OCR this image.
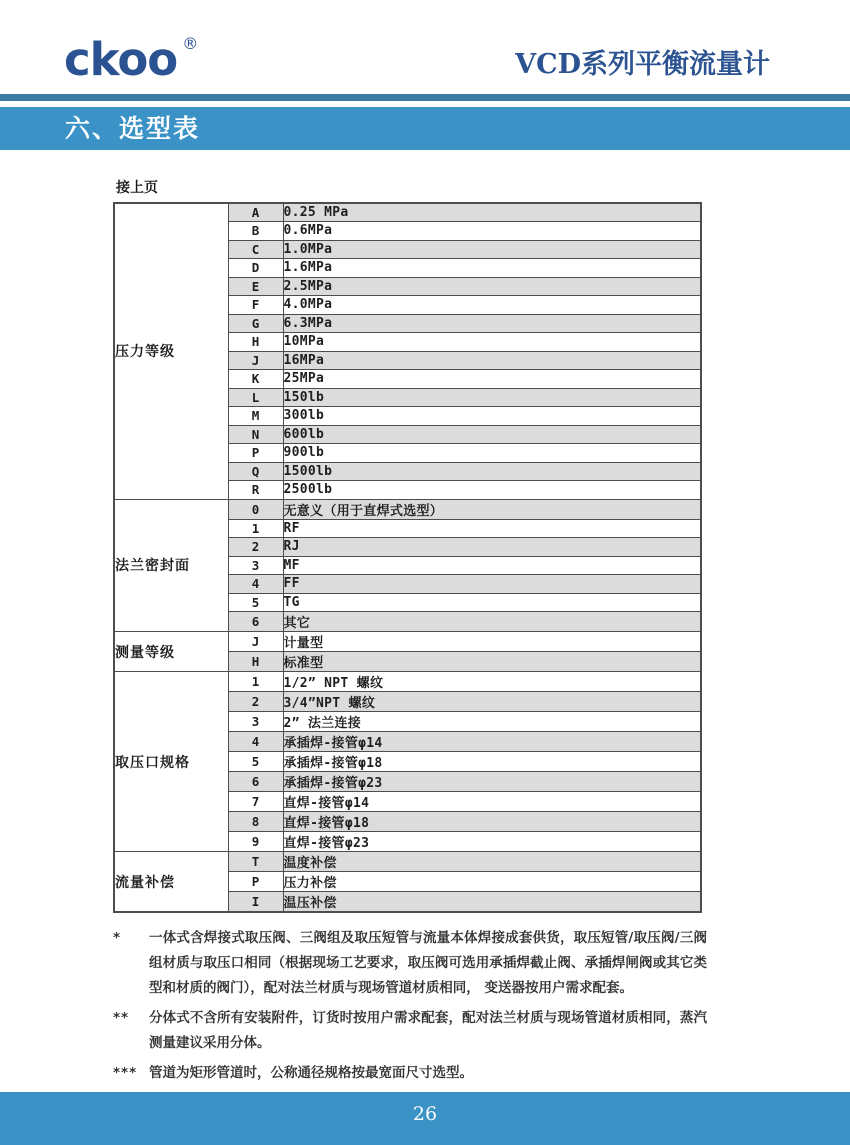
ckoo ®
VCD系列平衡流量计
六、选型表
接上页
压力等级	A	0.25 MPa
	B	0.6MPa
	C	1.0MPa
	D	1.6MPa
	E	2.5MPa
	F	4.0MPa
	G	6.3MPa
	H	10MPa
	J	16MPa
	K	25MPa
	L	150lb
	M	300lb
	N	600lb
	P	900lb
	Q	1500lb
	R	2500lb
法兰密封面	0	无意义（用于直焊式选型）
	1	RF
	2	RJ
	3	MF
	4	FF
	5	TG
	6	其它
测量等级	J	计量型
	H	标准型
取压口规格	1	1/2” NPT 螺纹
	2	3/4”NPT 螺纹
	3	2” 法兰连接
	4	承插焊-接管φ14
	5	承插焊-接管φ18
	6	承插焊-接管φ23
	7	直焊-接管φ14
	8	直焊-接管φ18
	9	直焊-接管φ23
流量补偿	T	温度补偿
	P	压力补偿
	I	温压补偿
*	一体式含焊接式取压阀、三阀组及取压短管与流量本体焊接成套供货，取压短管/取压阀/三阀组材质与取压口相同（根据现场工艺要求，取压阀可选用承插焊截止阀、承插焊闸阀或其它类型和材质的阀门），配对法兰材质与现场管道材质相同， 变送器按用户需求配套。
**	分体式不含所有安装附件，订货时按用户需求配套，配对法兰材质与现场管道材质相同，蒸汽测量建议采用分体。
*** 管道为矩形管道时，公称通径规格按最宽面尺寸选型。
26
